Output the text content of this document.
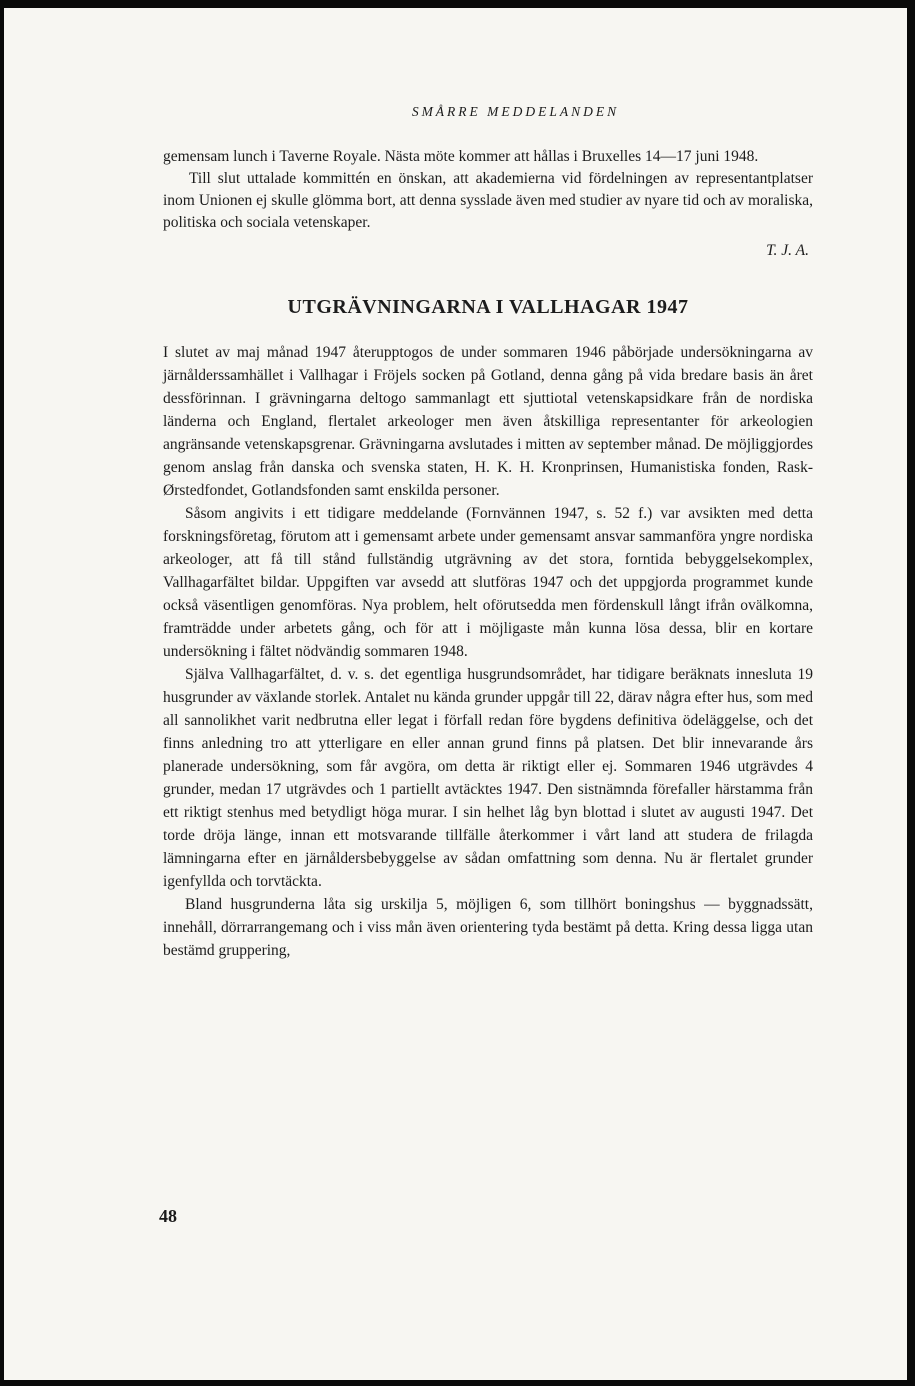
SMÅRRE MEDDELANDEN

gemensam lunch i Taverne Royale. Nästa möte kommer att hållas i Bruxelles 14—17 juni 1948.

Till slut uttalade kommittén en önskan, att akademierna vid fördelningen av representantplatser inom Unionen ej skulle glömma bort, att denna sysslade även med studier av nyare tid och av moraliska, politiska och sociala vetenskaper.

T. J. A.
UTGRÄVNINGARNA I VALLHAGAR 1947

I slutet av maj månad 1947 återupptogos de under sommaren 1946 påbörjade undersökningarna av järnålderssamhället i Vallhagar i Fröjels socken på Gotland, denna gång på vida bredare basis än året dessförinnan. I grävningarna deltogo sammanlagt ett sjuttiotal vetenskapsidkare från de nordiska länderna och England, flertalet arkeologer men även åtskilliga representanter för arkeologien angränsande vetenskapsgrenar. Grävningarna avslutades i mitten av september månad. De möjliggjordes genom anslag från danska och svenska staten, H. K. H. Kronprinsen, Humanistiska fonden, Rask-Ørstedfondet, Gotlandsfonden samt enskilda personer.

Såsom angivits i ett tidigare meddelande (Fornvännen 1947, s. 52 f.) var avsikten med detta forskningsföretag, förutom att i gemensamt arbete under gemensamt ansvar sammanföra yngre nordiska arkeologer, att få till stånd fullständig utgrävning av det stora, forntida bebyggelsekomplex, Vallhagarfältet bildar. Uppgiften var avsedd att slutföras 1947 och det uppgjorda programmet kunde också väsentligen genomföras. Nya problem, helt oförutsedda men fördenskull långt ifrån ovälkomna, framträdde under arbetets gång, och för att i möjligaste mån kunna lösa dessa, blir en kortare undersökning i fältet nödvändig sommaren 1948.

Själva Vallhagarfältet, d. v. s. det egentliga husgrundsområdet, har tidigare beräknats inneslutа 19 husgrunder av växlande storlek. Antalet nu kända grunder uppgår till 22, därav några efter hus, som med all sannolikhet varit nedbrutna eller legat i förfall redan före bygdens definitiva ödeläggelse, och det finns anledning tro att ytterligare en eller annan grund finns på platsen. Det blir innevarande års planerade undersökning, som får avgöra, om detta är riktigt eller ej. Sommaren 1946 utgrävdes 4 grunder, medan 17 utgrävdes och 1 partiellt avtäcktes 1947. Den sistnämnda förefaller härstamma från ett riktigt stenhus med betydligt höga murar. I sin helhet låg byn blottad i slutet av augusti 1947. Det torde dröja länge, innan ett motsvarande tillfälle återkommer i vårt land att studera de frilagda lämningarna efter en järnåldersbebyggelse av sådan omfattning som denna. Nu är flertalet grunder igenfyllda och torvtäckta.

Bland husgrunderna låta sig urskilja 5, möjligen 6, som tillhört boningshus — byggnadssätt, innehåll, dörrarrangemang och i viss mån även orientering tyda bestämt på detta. Kring dessa ligga utan bestämd gruppering,

48
